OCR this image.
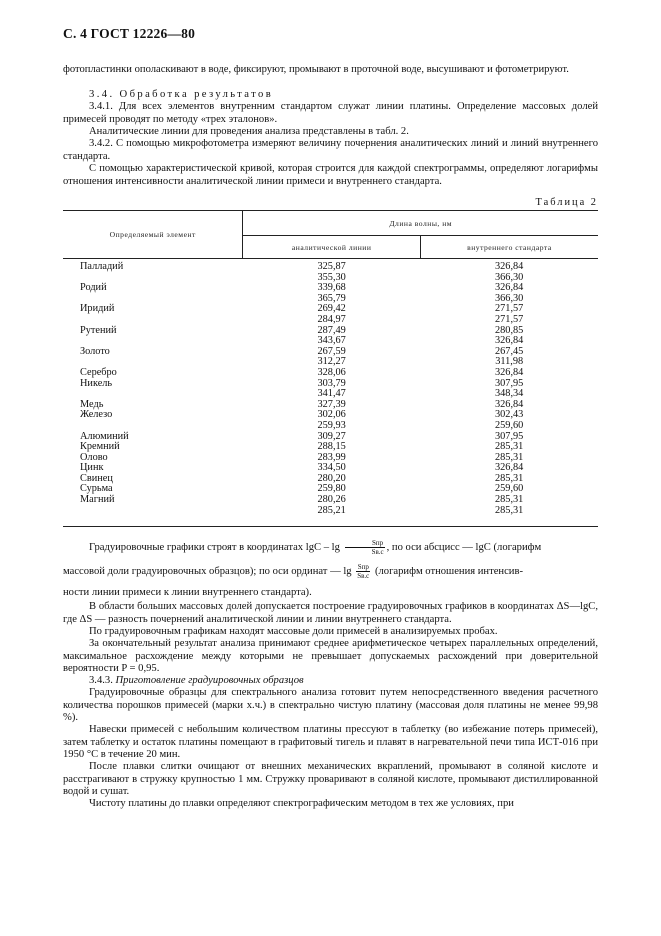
С. 4 ГОСТ 12226—80

фотопластинки ополаскивают в воде, фиксируют, промывают в проточной воде, высушивают и фотометрируют.

3.4. Обработка результатов

3.4.1. Для всех элементов внутренним стандартом служат линии платины. Определение массовых долей примесей проводят по методу «трех эталонов».

Аналитические линии для проведения анализа представлены в табл. 2.

3.4.2. С помощью микрофотометра измеряют величину почернения аналитических линий и линий внутреннего стандарта.

С помощью характеристической кривой, которая строится для каждой спектрограммы, определяют логарифмы отношения интенсивности аналитической линии примеси и внутреннего стандарта.

Таблица 2
Определяемый элемент	Длина волны, нм	
	аналитической линии	внутреннего стандарта
Палладий	325,87	326,84
	355,30	366,30
Родий	339,68	326,84
	365,79	366,30
Иридий	269,42	271,57
	284,97	271,57
Рутений	287,49	280,85
	343,67	326,84
Золото	267,59	267,45
	312,27	311,98
Серебро	328,06	326,84
Никель	303,79	307,95
	341,47	348,34
Медь	327,39	326,84
Железо	302,06	302,43
	259,93	259,60
Алюминий	309,27	307,95
Кремний	288,15	285,31
Олово	283,99	285,31
Цинк	334,50	326,84
Свинец	280,20	285,31
Сурьма	259,80	259,60
Магний	280,26	285,31
	285,21	285,31

Градуировочные графики строят в координатах lgC – $\lg \frac{\text{Sпр}}{Sв.с}$ , по оси абсцисс — lgC (логарифм

массовой доли градуировочных образцов); по оси ординат — $\lg \frac{\text{Sпр}}{Sв.с}$ (логарифм отношения интенсив-

ности линии примеси к линии внутреннего стандарта).

В области больших массовых долей допускается построение градуировочных графиков в координатах ΔS—lgC, где ΔS — разность почернений аналитической линии и линии внутреннего стандарта.

По градуировочным графикам находят массовые доли примесей в анализируемых пробах.

За окончательный результат анализа принимают среднее арифметическое четырех параллельных определений, максимальное расхождение между которыми не превышает допускаемых расхождений при доверительной вероятности P = 0,95.

3.4.3. Приготовление градуировочных образцов

Градуировочные образцы для спектрального анализа готовит путем непосредственного введения расчетного количества порошков примесей (марки х.ч.) в спектрально чистую платину (массовая доля платины не менее 99,98 %).

Навески примесей с небольшим количеством платины прессуют в таблетку (во избежание потерь примесей), затем таблетку и остаток платины помещают в графитовый тигель и плавят в нагревательной печи типа ИСТ-016 при 1950 °С в течение 20 мин.

После плавки слитки очищают от внешних механических вкраплений, промывают в соляной кислоте и расстрагивают в стружку крупностью 1 мм. Стружку проваривают в соляной кислоте, промывают дистиллированной водой и сушат.

Чистоту платины до плавки определяют спектрографическим методом в тех же условиях, при
